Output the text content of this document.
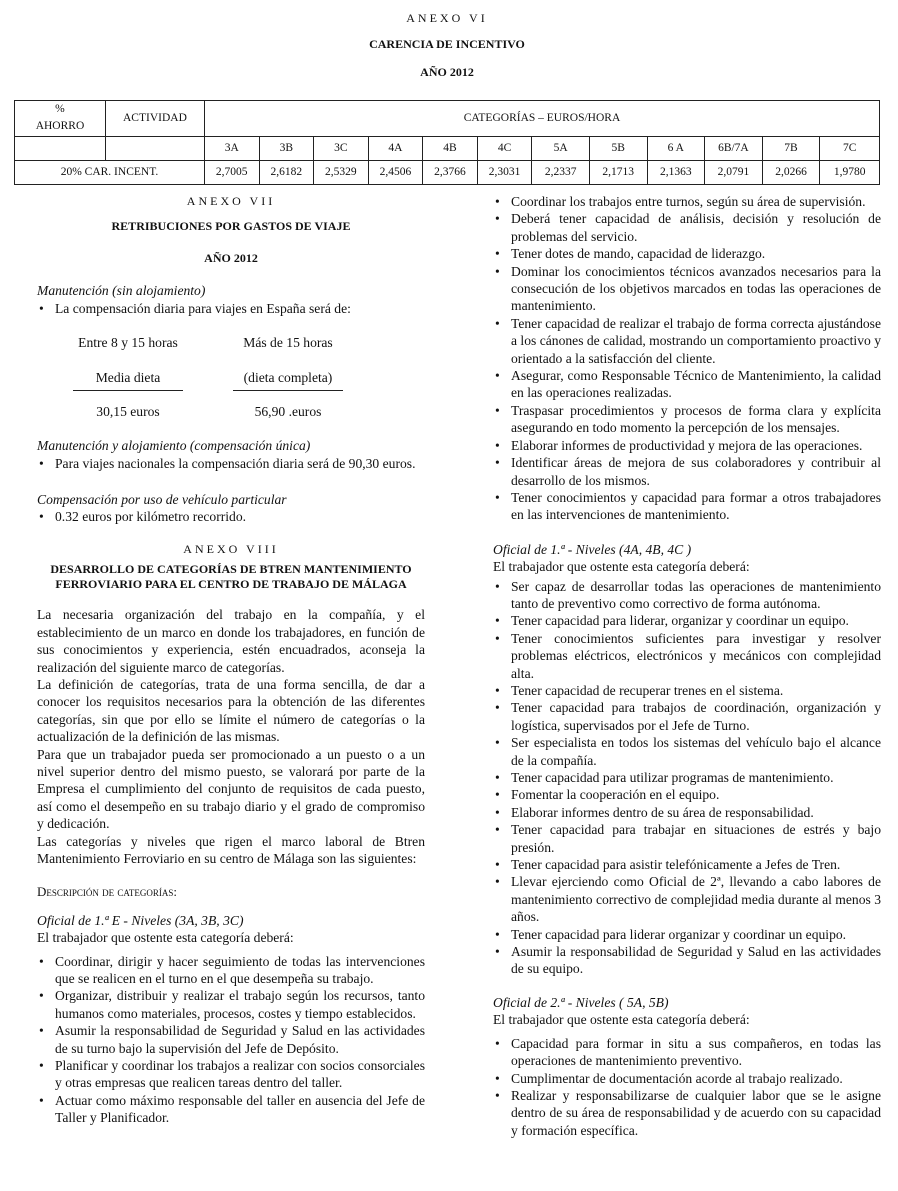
ANEXO VI
CARENCIA DE INCENTIVO
AÑO 2012
%
AHORRO	ACTIVIDAD	CATEGORÍAS – EUROS/HORA											
		3A	3B	3C	4A	4B	4C	5A	5B	6 A	6B/7A	7B	7C
20% CAR. INCENT.		2,7005	2,6182	2,5329	2,4506	2,3766	2,3031	2,2337	2,1713	2,1363	2,0791	2,0266	1,9780
ANEXO VII
RETRIBUCIONES POR GASTOS DE VIAJE
AÑO 2012

Manutención (sin alojamiento)

• La compensación diaria para viajes en España será de:
Entre 8 y 15 horas	Más de 15 horas
Media dieta	(dieta completa)
30,15 euros	56,90 .euros

Manutención y alojamiento (compensación única)

• Para viajes nacionales la compensación diaria será de 90,30 euros.

Compensación por uso de vehículo particular

• 0.32 euros por kilómetro recorrido.
ANEXO VIII
DESARROLLO DE CATEGORÍAS DE BTREN MANTENIMIENTO
FERROVIARIO PARA EL CENTRO DE TRABAJO DE MÁLAGA

La necesaria organización del trabajo en la compañía, y el establecimiento de un marco en donde los trabajadores, en función de sus conocimientos y experiencia, estén encuadrados, aconseja la realización del siguiente marco de categorías.

La definición de categorías, trata de una forma sencilla, de dar a conocer los requisitos necesarios para la obtención de las diferentes categorías, sin que por ello se límite el número de categorías o la actualización de la definición de las mismas.

Para que un trabajador pueda ser promocionado a un puesto o a un nivel superior dentro del mismo puesto, se valorará por parte de la Empresa el cumplimiento del conjunto de requisitos de cada puesto, así como el desempeño en su trabajo diario y el grado de compromiso y dedicación.

Las categorías y niveles que rigen el marco laboral de Btren Mantenimiento Ferroviario en su centro de Málaga son las siguientes:

Descripción de categorías:

Oficial de 1.ª E - Niveles (3A, 3B, 3C)

El trabajador que ostente esta categoría deberá:

• Coordinar, dirigir y hacer seguimiento de todas las intervenciones que se realicen en el turno en el que desempeña su trabajo.
• Organizar, distribuir y realizar el trabajo según los recursos, tanto humanos como materiales, procesos, costes y tiempo establecidos.
• Asumir la responsabilidad de Seguridad y Salud en las actividades de su turno bajo la supervisión del Jefe de Depósito.
• Planificar y coordinar los trabajos a realizar con socios consorciales y otras empresas que realicen tareas dentro del taller.
• Actuar como máximo responsable del taller en ausencia del Jefe de Taller y Planificador.
• Coordinar los trabajos entre turnos, según su área de supervisión.
• Deberá tener capacidad de análisis, decisión y resolución de problemas del servicio.
• Tener dotes de mando, capacidad de liderazgo.
• Dominar los conocimientos técnicos avanzados necesarios para la consecución de los objetivos marcados en todas las operaciones de mantenimiento.
• Tener capacidad de realizar el trabajo de forma correcta ajustándose a los cánones de calidad, mostrando un comportamiento proactivo y orientado a la satisfacción del cliente.
• Asegurar, como Responsable Técnico de Mantenimiento, la calidad en las operaciones realizadas.
• Traspasar procedimientos y procesos de forma clara y explícita asegurando en todo momento la percepción de los mensajes.
• Elaborar informes de productividad y mejora de las operaciones.
• Identificar áreas de mejora de sus colaboradores y contribuir al desarrollo de los mismos.
• Tener conocimientos y capacidad para formar a otros trabajadores en las intervenciones de mantenimiento.

Oficial de 1.ª - Niveles (4A, 4B, 4C )

El trabajador que ostente esta categoría deberá:

• Ser capaz de desarrollar todas las operaciones de mantenimiento tanto de preventivo como correctivo de forma autónoma.
• Tener capacidad para liderar, organizar y coordinar un equipo.
• Tener conocimientos suficientes para investigar y resolver problemas eléctricos, electrónicos y mecánicos con complejidad alta.
• Tener capacidad de recuperar trenes en el sistema.
• Tener capacidad para trabajos de coordinación, organización y logística, supervisados por el Jefe de Turno.
• Ser especialista en todos los sistemas del vehículo bajo el alcance de la compañía.
• Tener capacidad para utilizar programas de mantenimiento.
• Fomentar la cooperación en el equipo.
• Elaborar informes dentro de su área de responsabilidad.
• Tener capacidad para trabajar en situaciones de estrés y bajo presión.
• Tener capacidad para asistir telefónicamente a Jefes de Tren.
• Llevar ejerciendo como Oficial de 2ª, llevando a cabo labores de mantenimiento correctivo de complejidad media durante al menos 3 años.
• Tener capacidad para liderar organizar y coordinar un equipo.
• Asumir la responsabilidad de Seguridad y Salud en las actividades de su equipo.

Oficial de 2.ª - Niveles ( 5A, 5B)

El trabajador que ostente esta categoría deberá:

• Capacidad para formar in situ a sus compañeros, en todas las operaciones de mantenimiento preventivo.
• Cumplimentar de documentación acorde al trabajo realizado.
• Realizar y responsabilizarse de cualquier labor que se le asigne dentro de su área de responsabilidad y de acuerdo con su capacidad y formación específica.
